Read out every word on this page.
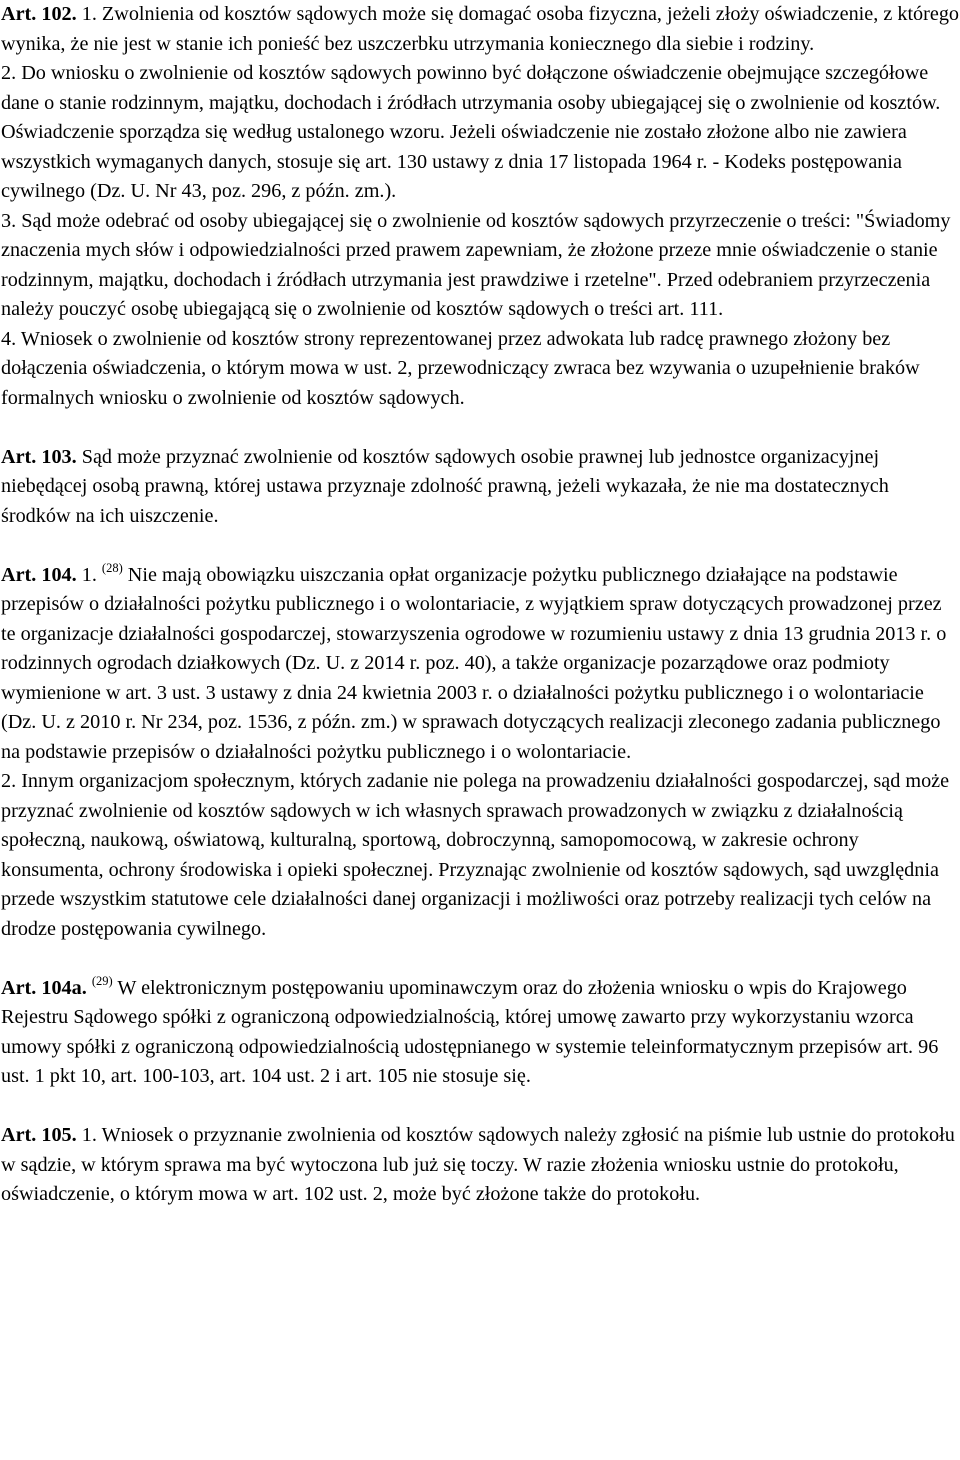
Art. 102. 1. Zwolnienia od kosztów sądowych może się domagać osoba fizyczna, jeżeli złoży oświadczenie, z którego wynika, że nie jest w stanie ich ponieść bez uszczerbku utrzymania koniecznego dla siebie i rodziny.

2. Do wniosku o zwolnienie od kosztów sądowych powinno być dołączone oświadczenie obejmujące szczegółowe dane o stanie rodzinnym, majątku, dochodach i źródłach utrzymania osoby ubiegającej się o zwolnienie od kosztów. Oświadczenie sporządza się według ustalonego wzoru. Jeżeli oświadczenie nie zostało złożone albo nie zawiera wszystkich wymaganych danych, stosuje się art. 130 ustawy z dnia 17 listopada 1964 r. - Kodeks postępowania cywilnego (Dz. U. Nr 43, poz. 296, z późn. zm.).

3. Sąd może odebrać od osoby ubiegającej się o zwolnienie od kosztów sądowych przyrzeczenie o treści: "Świadomy znaczenia mych słów i odpowiedzialności przed prawem zapewniam, że złożone przeze mnie oświadczenie o stanie rodzinnym, majątku, dochodach i źródłach utrzymania jest prawdziwe i rzetelne". Przed odebraniem przyrzeczenia należy pouczyć osobę ubiegającą się o zwolnienie od kosztów sądowych o treści art. 111.

4. Wniosek o zwolnienie od kosztów strony reprezentowanej przez adwokata lub radcę prawnego złożony bez dołączenia oświadczenia, o którym mowa w ust. 2, przewodniczący zwraca bez wzywania o uzupełnienie braków formalnych wniosku o zwolnienie od kosztów sądowych.

Art. 103. Sąd może przyznać zwolnienie od kosztów sądowych osobie prawnej lub jednostce organizacyjnej niebędącej osobą prawną, której ustawa przyznaje zdolność prawną, jeżeli wykazała, że nie ma dostatecznych środków na ich uiszczenie.

Art. 104. 1. $^{(28)}$ Nie mają obowiązku uiszczania opłat organizacje pożytku publicznego działające na podstawie przepisów o działalności pożytku publicznego i o wolontariacie, z wyjątkiem spraw dotyczących prowadzonej przez te organizacje działalności gospodarczej, stowarzyszenia ogrodowe w rozumieniu ustawy z dnia 13 grudnia 2013 r. o rodzinnych ogrodach działkowych (Dz. U. z 2014 r. poz. 40), a także organizacje pozarządowe oraz podmioty wymienione w art. 3 ust. 3 ustawy z dnia 24 kwietnia 2003 r. o działalności pożytku publicznego i o wolontariacie (Dz. U. z 2010 r. Nr 234, poz. 1536, z późn. zm.) w sprawach dotyczących realizacji zleconego zadania publicznego na podstawie przepisów o działalności pożytku publicznego i o wolontariacie.

2. Innym organizacjom społecznym, których zadanie nie polega na prowadzeniu działalności gospodarczej, sąd może przyznać zwolnienie od kosztów sądowych w ich własnych sprawach prowadzonych w związku z działalnością społeczną, naukową, oświatową, kulturalną, sportową, dobroczynną, samopomocową, w zakresie ochrony konsumenta, ochrony środowiska i opieki społecznej. Przyznając zwolnienie od kosztów sądowych, sąd uwzględnia przede wszystkim statutowe cele działalności danej organizacji i możliwości oraz potrzeby realizacji tych celów na drodze postępowania cywilnego.

Art. 104a. $^{(29)}$ W elektronicznym postępowaniu upominawczym oraz do złożenia wniosku o wpis do Krajowego Rejestru Sądowego spółki z ograniczoną odpowiedzialnością, której umowę zawarto przy wykorzystaniu wzorca umowy spółki z ograniczoną odpowiedzialnością udostępnianego w systemie teleinformatycznym przepisów art. 96 ust. 1 pkt 10, art. 100-103, art. 104 ust. 2 i art. 105 nie stosuje się.

Art. 105. 1. Wniosek o przyznanie zwolnienia od kosztów sądowych należy zgłosić na piśmie lub ustnie do protokołu w sądzie, w którym sprawa ma być wytoczona lub już się toczy. W razie złożenia wniosku ustnie do protokołu, oświadczenie, o którym mowa w art. 102 ust. 2, może być złożone także do protokołu.
